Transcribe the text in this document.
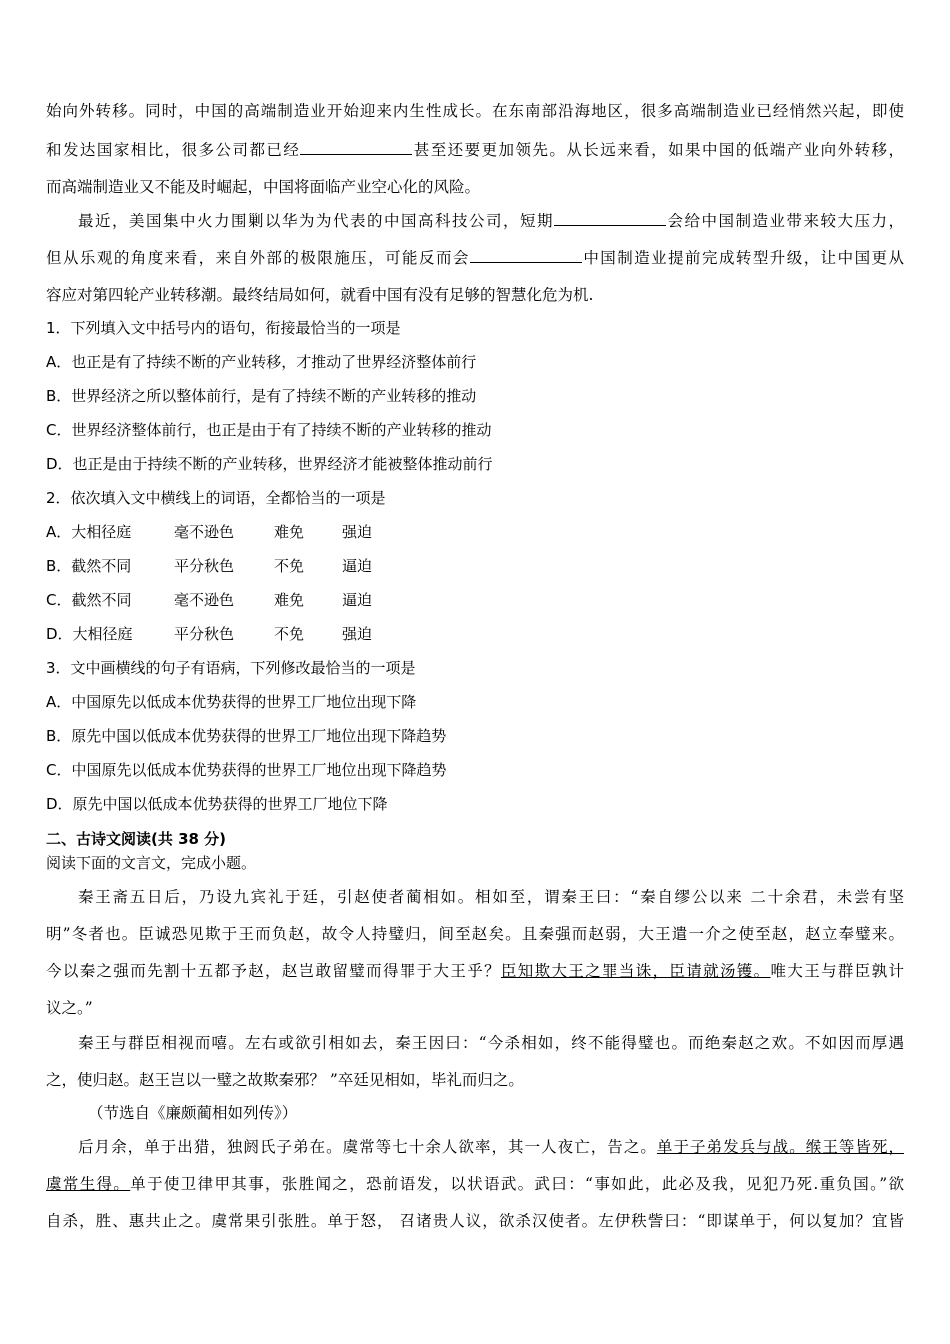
始向外转移。同时，中国的高端制造业开始迎来内生性成长。在东南部沿海地区，很多高端制造业已经悄然兴起，即使
和发达国家相比，很多公司都已经	甚至还要更加领先。从长远来看，如果中国的低端产业向外转移，
而高端制造业又不能及时崛起，中国将面临产业空心化的风险。
最近，美国集中火力围剿以华为为代表的中国高科技公司，短期	会给中国制造业带来较大压力，
但从乐观的角度来看，来自外部的极限施压，可能反而会	中国制造业提前完成转型升级，让中国更从
容应对第四轮产业转移潮。最终结局如何，就看中国有没有足够的智慧化危为机.
1．下列填入文中括号内的语句，衔接最恰当的一项是
A．也正是有了持续不断的产业转移，才推动了世界经济整体前行
B．世界经济之所以整体前行，是有了持续不断的产业转移的推动
C．世界经济整体前行，也正是由于有了持续不断的产业转移的推动
D．也正是由于持续不断的产业转移，世界经济才能被整体推动前行
2．依次填入文中横线上的词语，全都恰当的一项是
A．大相径庭	毫不逊色	难免	强迫
B．截然不同	平分秋色	不免	逼迫
C．截然不同	毫不逊色	难免	逼迫
D．大相径庭	平分秋色	不免	强迫
3．文中画横线的句子有语病，下列修改最恰当的一项是
A．中国原先以低成本优势获得的世界工厂地位出现下降
B．原先中国以低成本优势获得的世界工厂地位出现下降趋势
C．中国原先以低成本优势获得的世界工厂地位出现下降趋势
D．原先中国以低成本优势获得的世界工厂地位下降
二、古诗文阅读(共 38 分)
阅读下面的文言文，完成小题。
秦王斋五日后，乃设九宾礼于廷，引赵使者蔺相如。相如至，谓秦王曰：“秦自缪公以来 二十余君，未尝有坚
明”冬者也。臣诚恐见欺于王而负赵，故令人持璧归，间至赵矣。且秦强而赵弱，大王遣一介之使至赵，赵立奉璧来。
今以秦之强而先割十五都予赵，赵岂敢留璧而得罪于大王乎？臣知欺大王之罪当诛，臣请就汤镬。唯大王与群臣孰计
议之。”
秦王与群臣相视而嘻。左右或欲引相如去，秦王因曰：“今杀相如，终不能得璧也。而绝秦赵之欢。不如因而厚遇
之，使归赵。赵王岂以一璧之故欺秦邪？ ”卒廷见相如，毕礼而归之。
（节选自《廉颇蔺相如列传》）
后月余，单于出猎，独阏氏子弟在。虞常等七十余人欲率，其一人夜亡，告之。单于子弟发兵与战。缑王等皆死，
虞常生得。单于使卫律甲其事，张胜闻之，恐前语发，以状语武。武曰：“事如此，此必及我，见犯乃死.重负国。”欲
自杀，胜、惠共止之。虞常果引张胜。单于怒， 召诸贵人议，欲杀汉使者。左伊秩訾曰：“即谋单于，何以复加？宜皆
